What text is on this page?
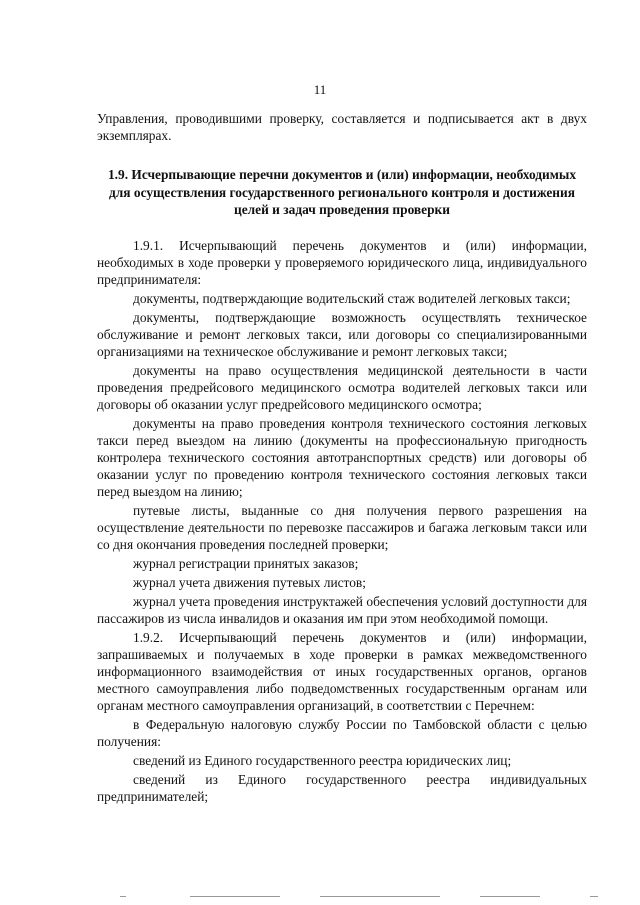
11

Управления, проводившими проверку, составляется и подписывается акт в двух экземплярах.

1.9. Исчерпывающие перечни документов и (или) информации, необходимых для осуществления государственного регионального контроля и достижения целей и задач проведения проверки

1.9.1. Исчерпывающий перечень документов и (или) информации, необходимых в ходе проверки у проверяемого юридического лица, индивидуального предпринимателя:

документы, подтверждающие водительский стаж водителей легковых такси;

документы, подтверждающие возможность осуществлять техническое обслуживание и ремонт легковых такси, или договоры со специализированными организациями на техническое обслуживание и ремонт легковых такси;

документы на право осуществления медицинской деятельности в части проведения предрейсового медицинского осмотра водителей легковых такси или договоры об оказании услуг предрейсового медицинского осмотра;

документы на право проведения контроля технического состояния легковых такси перед выездом на линию (документы на профессиональную пригодность контролера технического состояния автотранспортных средств) или договоры об оказании услуг по проведению контроля технического состояния легковых такси перед выездом на линию;

путевые листы, выданные со дня получения первого разрешения на осуществление деятельности по перевозке пассажиров и багажа легковым такси или со дня окончания проведения последней проверки;

журнал регистрации принятых заказов;

журнал учета движения путевых листов;

журнал учета проведения инструктажей обеспечения условий доступности для пассажиров из числа инвалидов и оказания им при этом необходимой помощи.

1.9.2. Исчерпывающий перечень документов и (или) информации, запрашиваемых и получаемых в ходе проверки в рамках межведомственного информационного взаимодействия от иных государственных органов, органов местного самоуправления либо подведомственных государственным органам или органам местного самоуправления организаций, в соответствии с Перечнем:

в Федеральную налоговую службу России по Тамбовской области с целью получения:

сведений из Единого государственного реестра юридических лиц;

сведений из Единого государственного реестра индивидуальных предпринимателей;
